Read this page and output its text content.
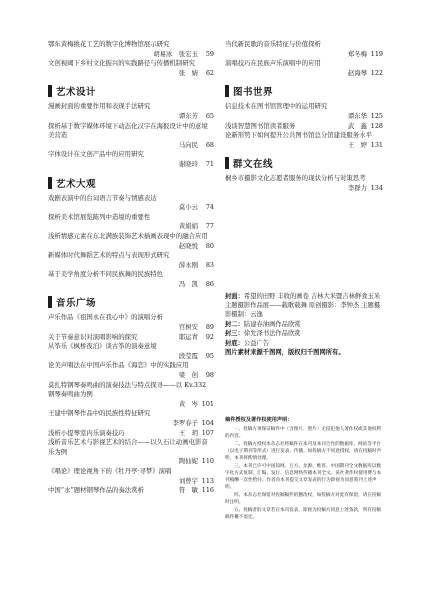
鄂东黄梅挑花工艺的数字化博物馆展示研究
胡易冰　张宏玉	59
文创视阈下乡村文化振兴的实践路径与传播机制研究
张　婧	62
艺术设计
漫画封面的重要作用和表现手法研究
谭东芳	65
探析基于数字媒体环境下动态化汉字在海报设计中的意境美营造
马向民	68
字体设计在文创产品中的应用研究
谢晓玲	71
艺术大观
戏剧表演中的台词语言节奏与情感表达
莫小云	74
探析美术馆展览陈列中造境的重要性
黄娟娟	77
浅析情感元素在东北满族装饰艺术插画表现中的融合应用
赵晓悦	80
新媒体时代舞蹈艺术的特点与表现形式研究
薛永刚	83
基于美学角度分析不同民族舞的民族特色
冯　凯	86
音乐广场
声乐作品《祖国永在我心中》的演唱分析
官树安	89
关于节奏意识对演唱影响的探究	耶运青	92
从筝乐《枫桥夜泊》谈古筝的演奏意境
段莹霞	95
论美声唱法在中国声乐作品《海恋》中的实践应用
梁　创	98
莫扎特钢琴奏鸣曲的演奏技法与特点探寻——以 Kv.332 钢琴奏鸣曲为例
黄　岑 101
王建中钢琴作品中的民族性特征研究
李罗春子 104
浅析小提琴室内乐演奏技巧	王　玥 107
浅析音乐艺术与影视艺术的结合——以久石让动画电影音乐为例
陶仙妮 110
《唱论》理论视角下的《牡丹亭·寻梦》演唱
刘曾宇 113
中国“水”题材钢琴作品的奏法赏析	符　敏 116
当代新民歌的音乐特征与价值探析
郑冬梅 119
演唱技巧在民族声乐演唱中的应用
赵海琴 122
图书世界
信息技术在图书馆管理中的运用研究
谭东华 125
浅谈智慧图书馆读者服务	武　鑫 128
论新形势下如何提升公共图书馆总分馆建设服务水平
王　婷 131
群文在线
桐乡市摄影文化志愿者服务的现状分析与对策思考
李群力 134
封面：希望的田野 丰收的画卷 吉林大米暨吉林鲜食玉米主题摄影作品展——载歌载舞 原创摄影：李钟杰 主题摄影摄制：云逸
封二：陆建春油画作品欣赏
封三：徐允泽书法作品欣赏
封底：公益广告
图片素材来源千图网，版权归千图网所有。
稿件授权及著作权使用声明：

一、投稿方须保证稿件中（含图片、照片）无侵犯他人著作权或其他权利的内容。

二、投稿方授权本杂志社将稿件在本刊及本刊合作的数据库、网站等平台（以电子期刊等形式）进行发表、传播。如投稿方不同意授权，请在投稿时声明，本刊将酌情处理。

三、本刊已许可中国知网、万方、龙源、维普、中国期刊全文数据库以数字化方式复制、汇编、发行、信息网络传播本刊全文。该社著作权使用费与本刊稿酬一次性给付。作者向本刊提交文章发表的行为即视为同意我刊上述声明。

四、本杂志社保留对投稿稿件的删改权，如投稿方对此有保留，请在投稿时注明。

五、投稿者的文章若在本刊发表，即视为投稿方同意上述条款，所有投稿稿件概不退还。
